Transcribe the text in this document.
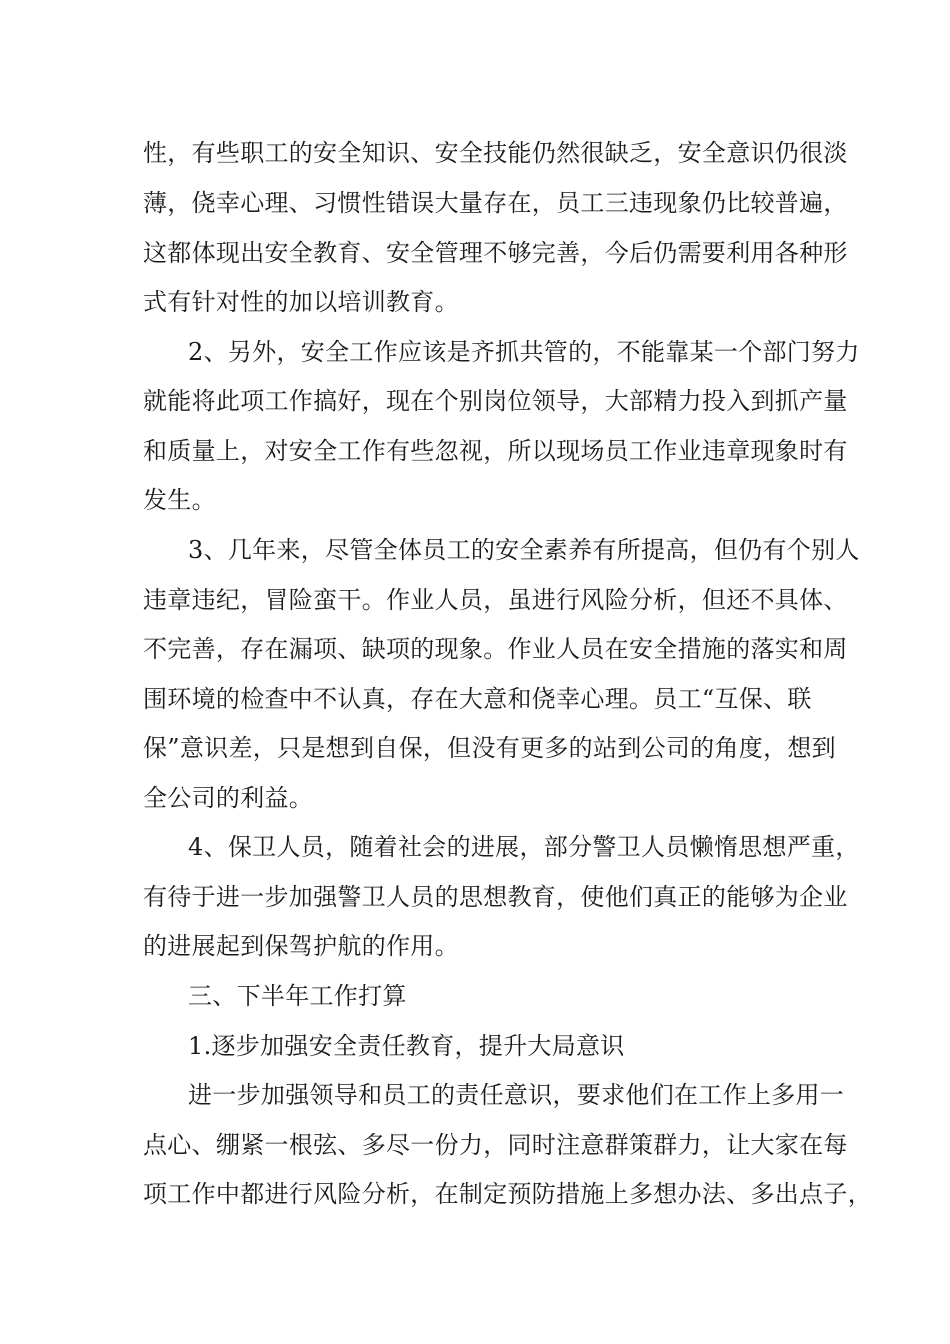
性，有些职工的安全知识、安全技能仍然很缺乏，安全意识仍很淡
薄，侥幸心理、习惯性错误大量存在，员工三违现象仍比较普遍，
这都体现出安全教育、安全管理不够完善，今后仍需要利用各种形
式有针对性的加以培训教育。
2、另外，安全工作应该是齐抓共管的，不能靠某一个部门努力
就能将此项工作搞好，现在个别岗位领导，大部精力投入到抓产量
和质量上，对安全工作有些忽视，所以现场员工作业违章现象时有
发生。
3、几年来，尽管全体员工的安全素养有所提高，但仍有个别人
违章违纪，冒险蛮干。作业人员，虽进行风险分析，但还不具体、
不完善，存在漏项、缺项的现象。作业人员在安全措施的落实和周
围环境的检查中不认真，存在大意和侥幸心理。员工“互保、联
保”意识差，只是想到自保，但没有更多的站到公司的角度，想到
全公司的利益。
4、保卫人员，随着社会的进展，部分警卫人员懒惰思想严重，
有待于进一步加强警卫人员的思想教育，使他们真正的能够为企业
的进展起到保驾护航的作用。
三、下半年工作打算
1.逐步加强安全责任教育，提升大局意识
进一步加强领导和员工的责任意识，要求他们在工作上多用一
点心、绷紧一根弦、多尽一份力，同时注意群策群力，让大家在每
项工作中都进行风险分析，在制定预防措施上多想办法、多出点子，
